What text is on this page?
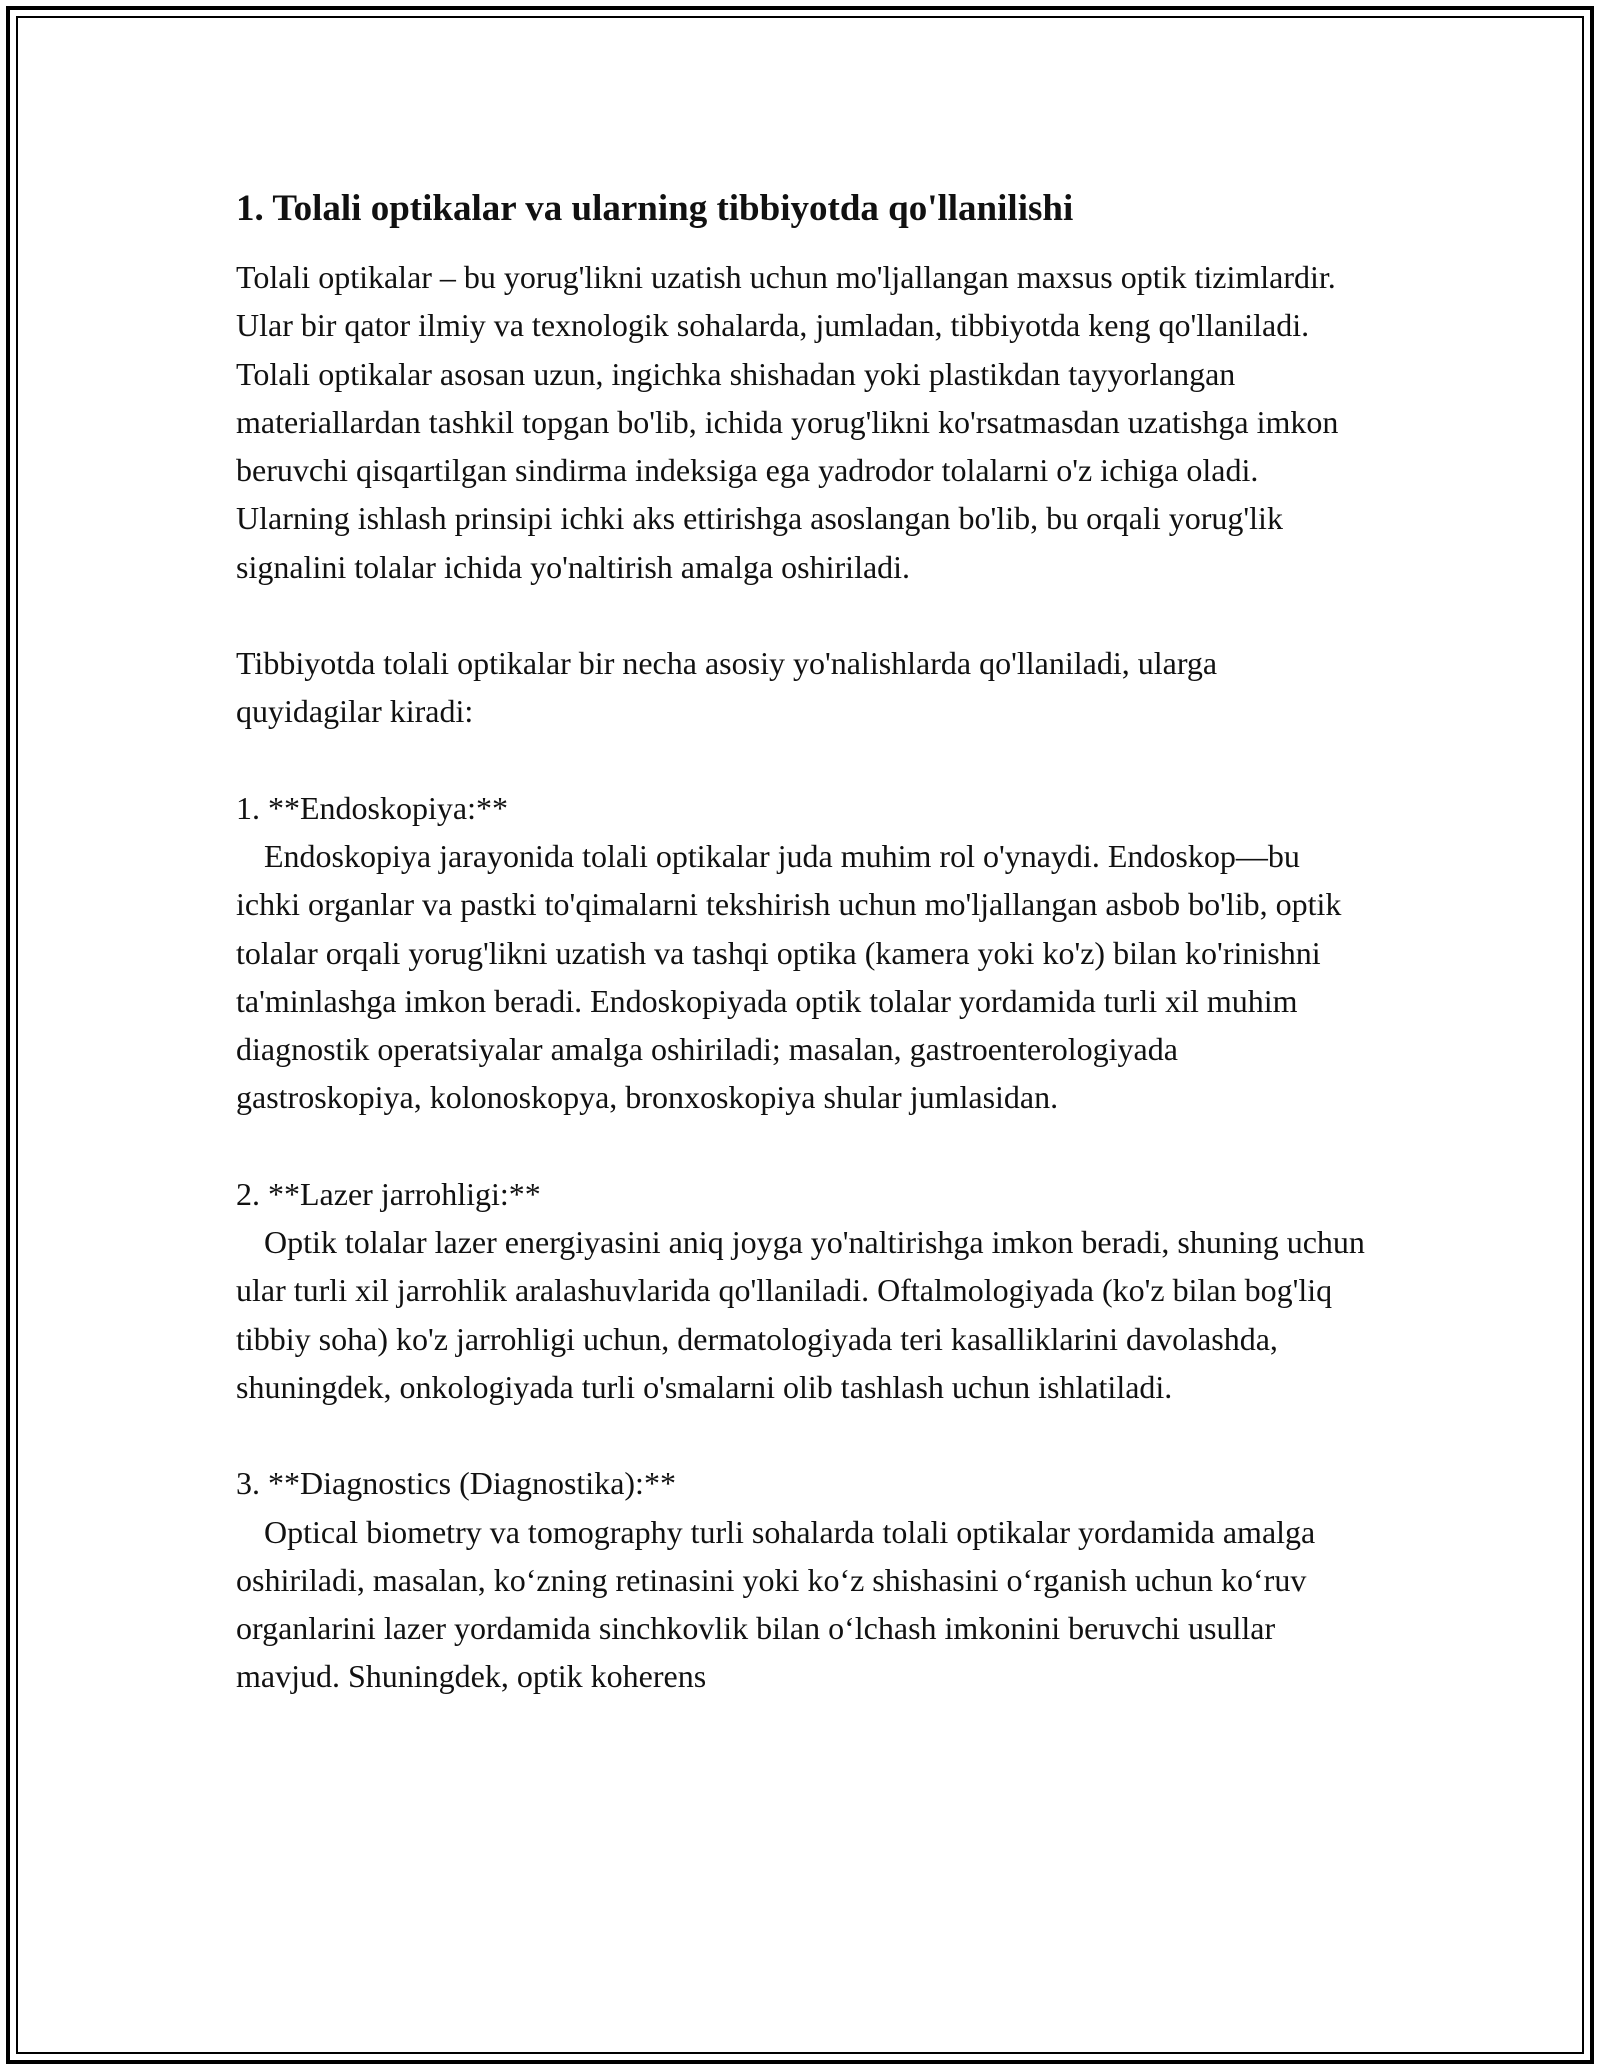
1. Tolali optikalar va ularning tibbiyotda qo'llanilishi

Tolali optikalar – bu yorug'likni uzatish uchun mo'ljallangan maxsus optik tizimlardir. Ular bir qator ilmiy va texnologik sohalarda, jumladan, tibbiyotda keng qo'llaniladi. Tolali optikalar asosan uzun, ingichka shishadan yoki plastikdan tayyorlangan materiallardan tashkil topgan bo'lib, ichida yorug'likni ko'rsatmasdan uzatishga imkon beruvchi qisqartilgan sindirma indeksiga ega yadrodor tolalarni o'z ichiga oladi. Ularning ishlash prinsipi ichki aks ettirishga asoslangan bo'lib, bu orqali yorug'lik signalini tolalar ichida yo'naltirish amalga oshiriladi.

Tibbiyotda tolali optikalar bir necha asosiy yo'nalishlarda qo'llaniladi, ularga quyidagilar kiradi:

1. **Endoskopiya:**

Endoskopiya jarayonida tolali optikalar juda muhim rol o'ynaydi. Endoskop—bu ichki organlar va pastki to'qimalarni tekshirish uchun mo'ljallangan asbob bo'lib, optik tolalar orqali yorug'likni uzatish va tashqi optika (kamera yoki ko'z) bilan ko'rinishni ta'minlashga imkon beradi. Endoskopiyada optik tolalar yordamida turli xil muhim diagnostik operatsiyalar amalga oshiriladi; masalan, gastroenterologiyada gastroskopiya, kolonoskopya, bronxoskopiya shular jumlasidan.

2. **Lazer jarrohligi:**

Optik tolalar lazer energiyasini aniq joyga yo'naltirishga imkon beradi, shuning uchun ular turli xil jarrohlik aralashuvlarida qo'llaniladi. Oftalmologiyada (ko'z bilan bog'liq tibbiy soha) ko'z jarrohligi uchun, dermatologiyada teri kasalliklarini davolashda, shuningdek, onkologiyada turli o'smalarni olib tashlash uchun ishlatiladi.

3. **Diagnostics (Diagnostika):**

Optical biometry va tomography turli sohalarda tolali optikalar yordamida amalga oshiriladi, masalan, koʻzning retinasini yoki koʻz shishasini oʻrganish uchun koʻruv organlarini lazer yordamida sinchkovlik bilan oʻlchash imkonini beruvchi usullar mavjud. Shuningdek, optik koherens
